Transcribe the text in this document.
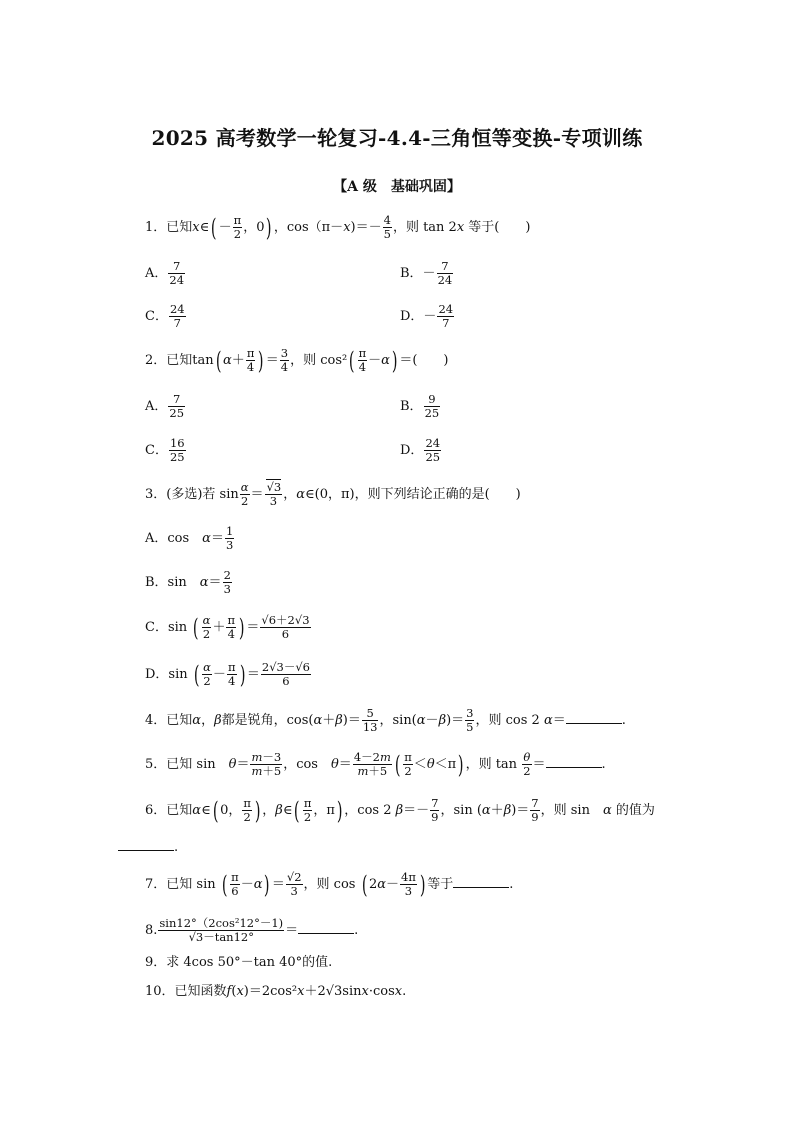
2025 高考数学一轮复习-4.4-三角恒等变换-专项训练
【A 级　基础巩固】
1．已知x∈( － $\frac{\pi}{2}$ ，0) ，$\cos(\pi-x)=- \frac{4}{5}$ ，则 tan 2x 等于(　　)
A． $\frac{7}{24}$	B．－ $\frac{7}{24}$
C． $\frac{24}{7}$	D．－ $\frac{24}{7}$
2．已知tan( $\alpha+ \frac{\pi}{4}$ ) ＝ $\frac{3}{4}$ ，则 $\cos^2( \frac{\pi}{4} -\alpha)$ ＝(　　)
A． $\frac{7}{25}$	B． $\frac{9}{25}$
C． $\frac{16}{25}$	D． $\frac{24}{25}$
3．(多选)若 $\sin \frac{\alpha}{2} = \frac{√3}{3}$ ，α∈(0，π)，则下列结论正确的是(　　)
A．cos　$\alpha= \frac{1}{3}$
B．sin　$\alpha= \frac{2}{3}$
C．sin ( $\frac{\alpha}{2} + \frac{\pi}{4}$ ) ＝ $\frac{√6+2√3}{6}$
D．sin ( $\frac{\alpha}{2} - \frac{\pi}{4}$ ) ＝ $\frac{2√3-√6}{6}$
4．已知α，β都是锐角，$\cos(\alpha+\beta)= \frac{5}{13}$ ，$\sin(\alpha-\beta)= \frac{3}{5}$ ，则 cos 2 α＝	.
5．已知 sin　$\theta= \frac{m-3}{m+5}$ ，cos　$\theta= \frac{4-2m}{m+5}$ ( $\frac{\pi}{2} <\theta<\pi$) ，则 $\tan \frac{\theta}{2}$ ＝	.
6．已知α∈( 0， $\frac{\pi}{2}$ ) ，β∈( $\frac{\pi}{2}$ ，π) ，cos 2 $\beta=- \frac{7}{9}$ ，$\sin (\alpha+\beta)= \frac{7}{9}$ ，则 sin　α 的值为
.
7．已知 sin ( $\frac{\pi}{6} -\alpha) = \frac{√2}{3}$ ，则 cos ( $2\alpha- \frac{4\pi}{3}$ ) 等于	.
8. $\frac{\text{sin12°（2cos²12°－1)}}{√3-\tan 12^\circ}$ ＝	.
9．求 4cos 50°－tan 40°的值.
10．已知函数f(x)＝2cos²x＋2√3sinx·cosx.
